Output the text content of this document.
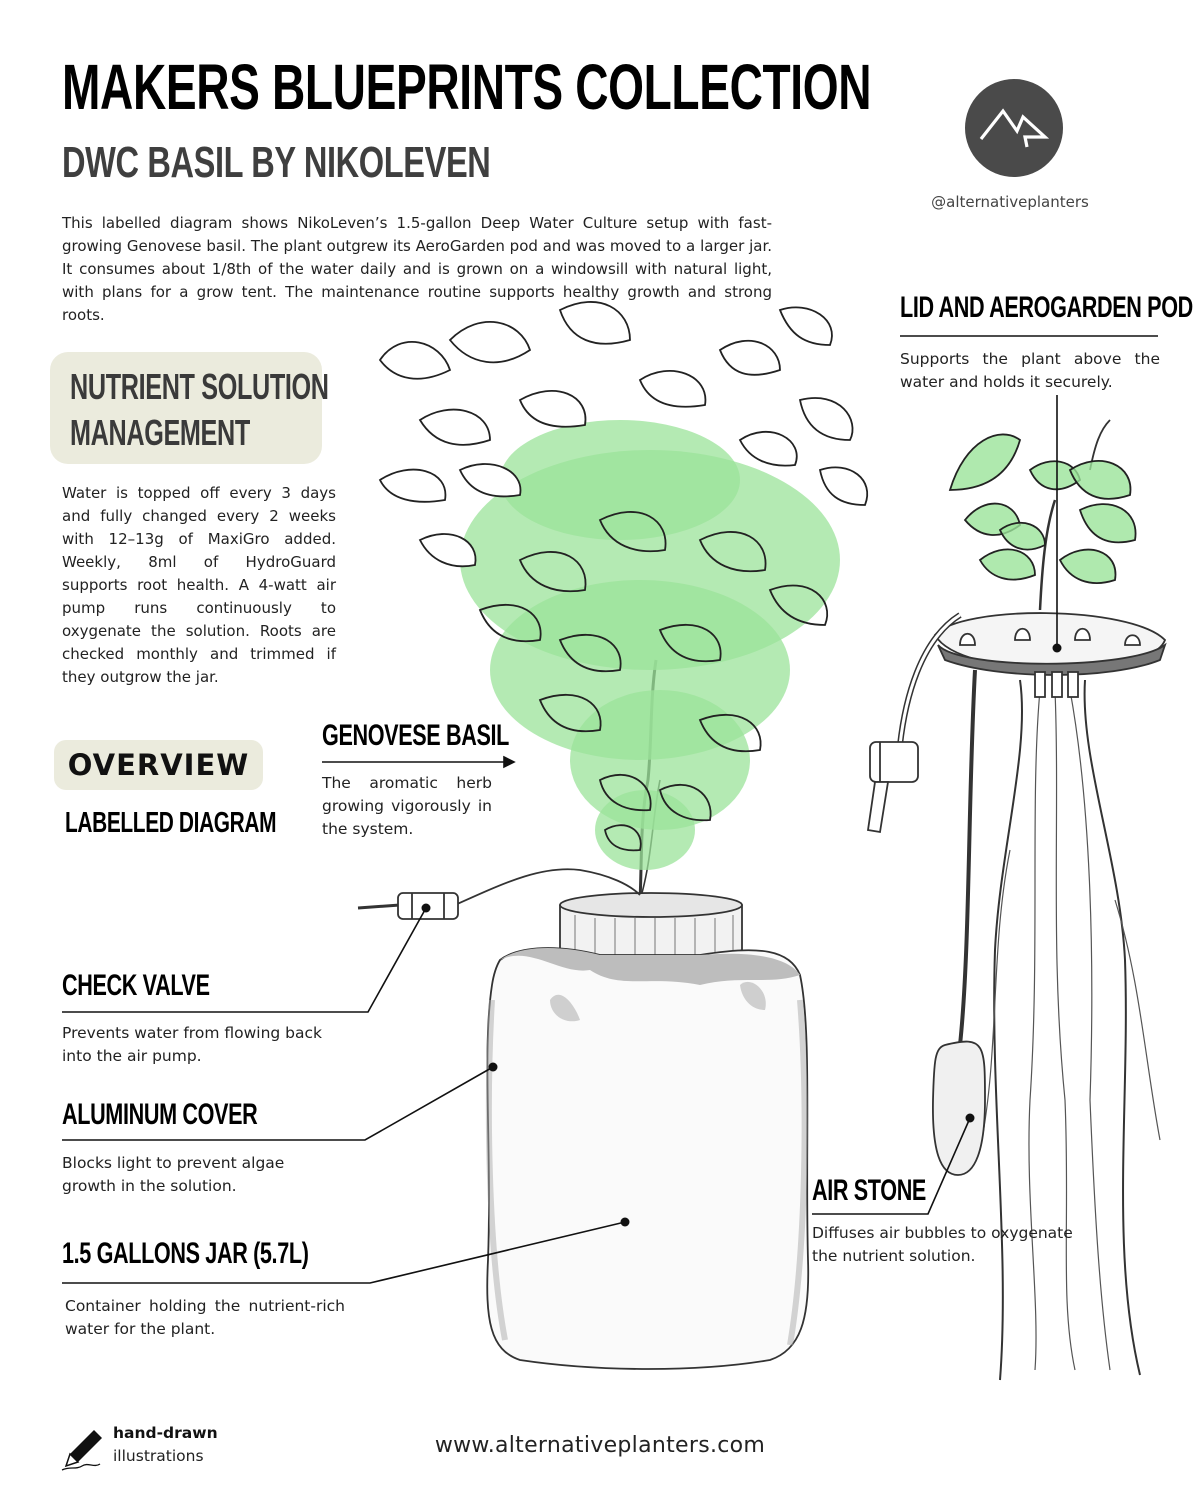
MAKERS BLUEPRINTS COLLECTION
DWC BASIL BY NIKOLEVEN
This labelled diagram shows NikoLeven’s 1.5-gallon Deep Water Culture setup with fast-growing Genovese basil. The plant outgrew its AeroGarden pod and was moved to a larger jar. It consumes about 1/8th of the water daily and is grown on a windowsill with natural light, with plans for a grow tent. The maintenance routine supports healthy growth and strong roots.
@alternativeplanters
NUTRIENT SOLUTION
MANAGEMENT
Water is topped off every 3 days and fully changed every 2 weeks with 12–13g of MaxiGro added. Weekly, 8ml of HydroGuard supports root health. A 4-watt air pump runs continuously to oxygenate the solution. Roots are checked monthly and trimmed if they outgrow the jar.
OVERVIEW
LABELLED DIAGRAM
GENOVESE BASIL
The aromatic herb growing vigorously in the system.
LID AND AEROGARDEN POD
Supports the plant above the water and holds it securely.
CHECK VALVE
Prevents water from flowing back into the air pump.
ALUMINUM COVER
Blocks light to prevent algae growth in the solution.
1.5 GALLONS JAR (5.7L)
Container holding the nutrient-rich water for the plant.
AIR STONE
Diffuses air bubbles to oxygenate the nutrient solution.
hand-drawn
illustrations	www.alternativeplanters.com
